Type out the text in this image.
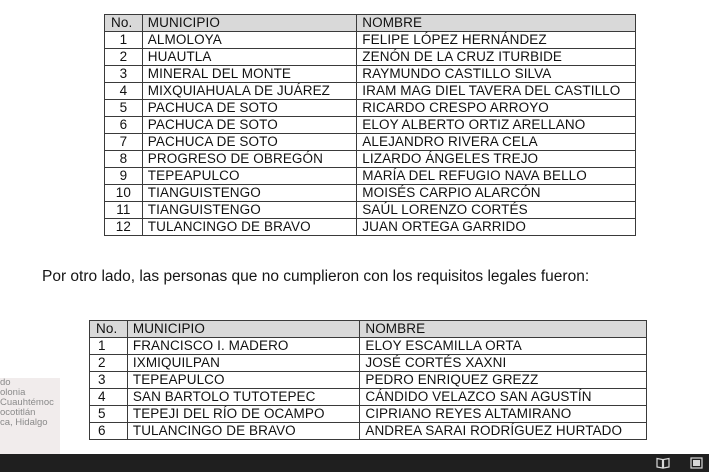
No.	MUNICIPIO	NOMBRE
1	ALMOLOYA	FELIPE LÓPEZ HERNÁNDEZ
2	HUAUTLA	ZENÓN DE LA CRUZ ITURBIDE
3	MINERAL DEL MONTE	RAYMUNDO CASTILLO SILVA
4	MIXQUIAHUALA DE JUÁREZ	IRAM MAG DIEL TAVERA DEL CASTILLO
5	PACHUCA DE SOTO	RICARDO CRESPO ARROYO
6	PACHUCA DE SOTO	ELOY ALBERTO ORTIZ ARELLANO
7	PACHUCA DE SOTO	ALEJANDRO RIVERA CELA
8	PROGRESO DE OBREGÓN	LIZARDO ÁNGELES TREJO
9	TEPEAPULCO	MARÍA DEL REFUGIO NAVA BELLO
10	TIANGUISTENGO	MOISÉS CARPIO ALARCÓN
11	TIANGUISTENGO	SAÚL LORENZO CORTÉS
12	TULANCINGO DE BRAVO	JUAN ORTEGA GARRIDO
Por otro lado, las personas que no cumplieron con los requisitos legales fueron:
No.	MUNICIPIO	NOMBRE
1	FRANCISCO I. MADERO	ELOY ESCAMILLA ORTA
2	IXMIQUILPAN	JOSÉ CORTÉS XAXNI
3	TEPEAPULCO	PEDRO ENRIQUEZ GREZZ
4	SAN BARTOLO TUTOTEPEC	CÁNDIDO VELAZCO SAN AGUSTÍN
5	TEPEJI DEL RÍO DE OCAMPO	CIPRIANO REYES ALTAMIRANO
6	TULANCINGO DE BRAVO	ANDREA SARAI RODRÍGUEZ HURTADO
do
olonia
Cuauhtémoc
ocotitlán
ca, Hidalgo
